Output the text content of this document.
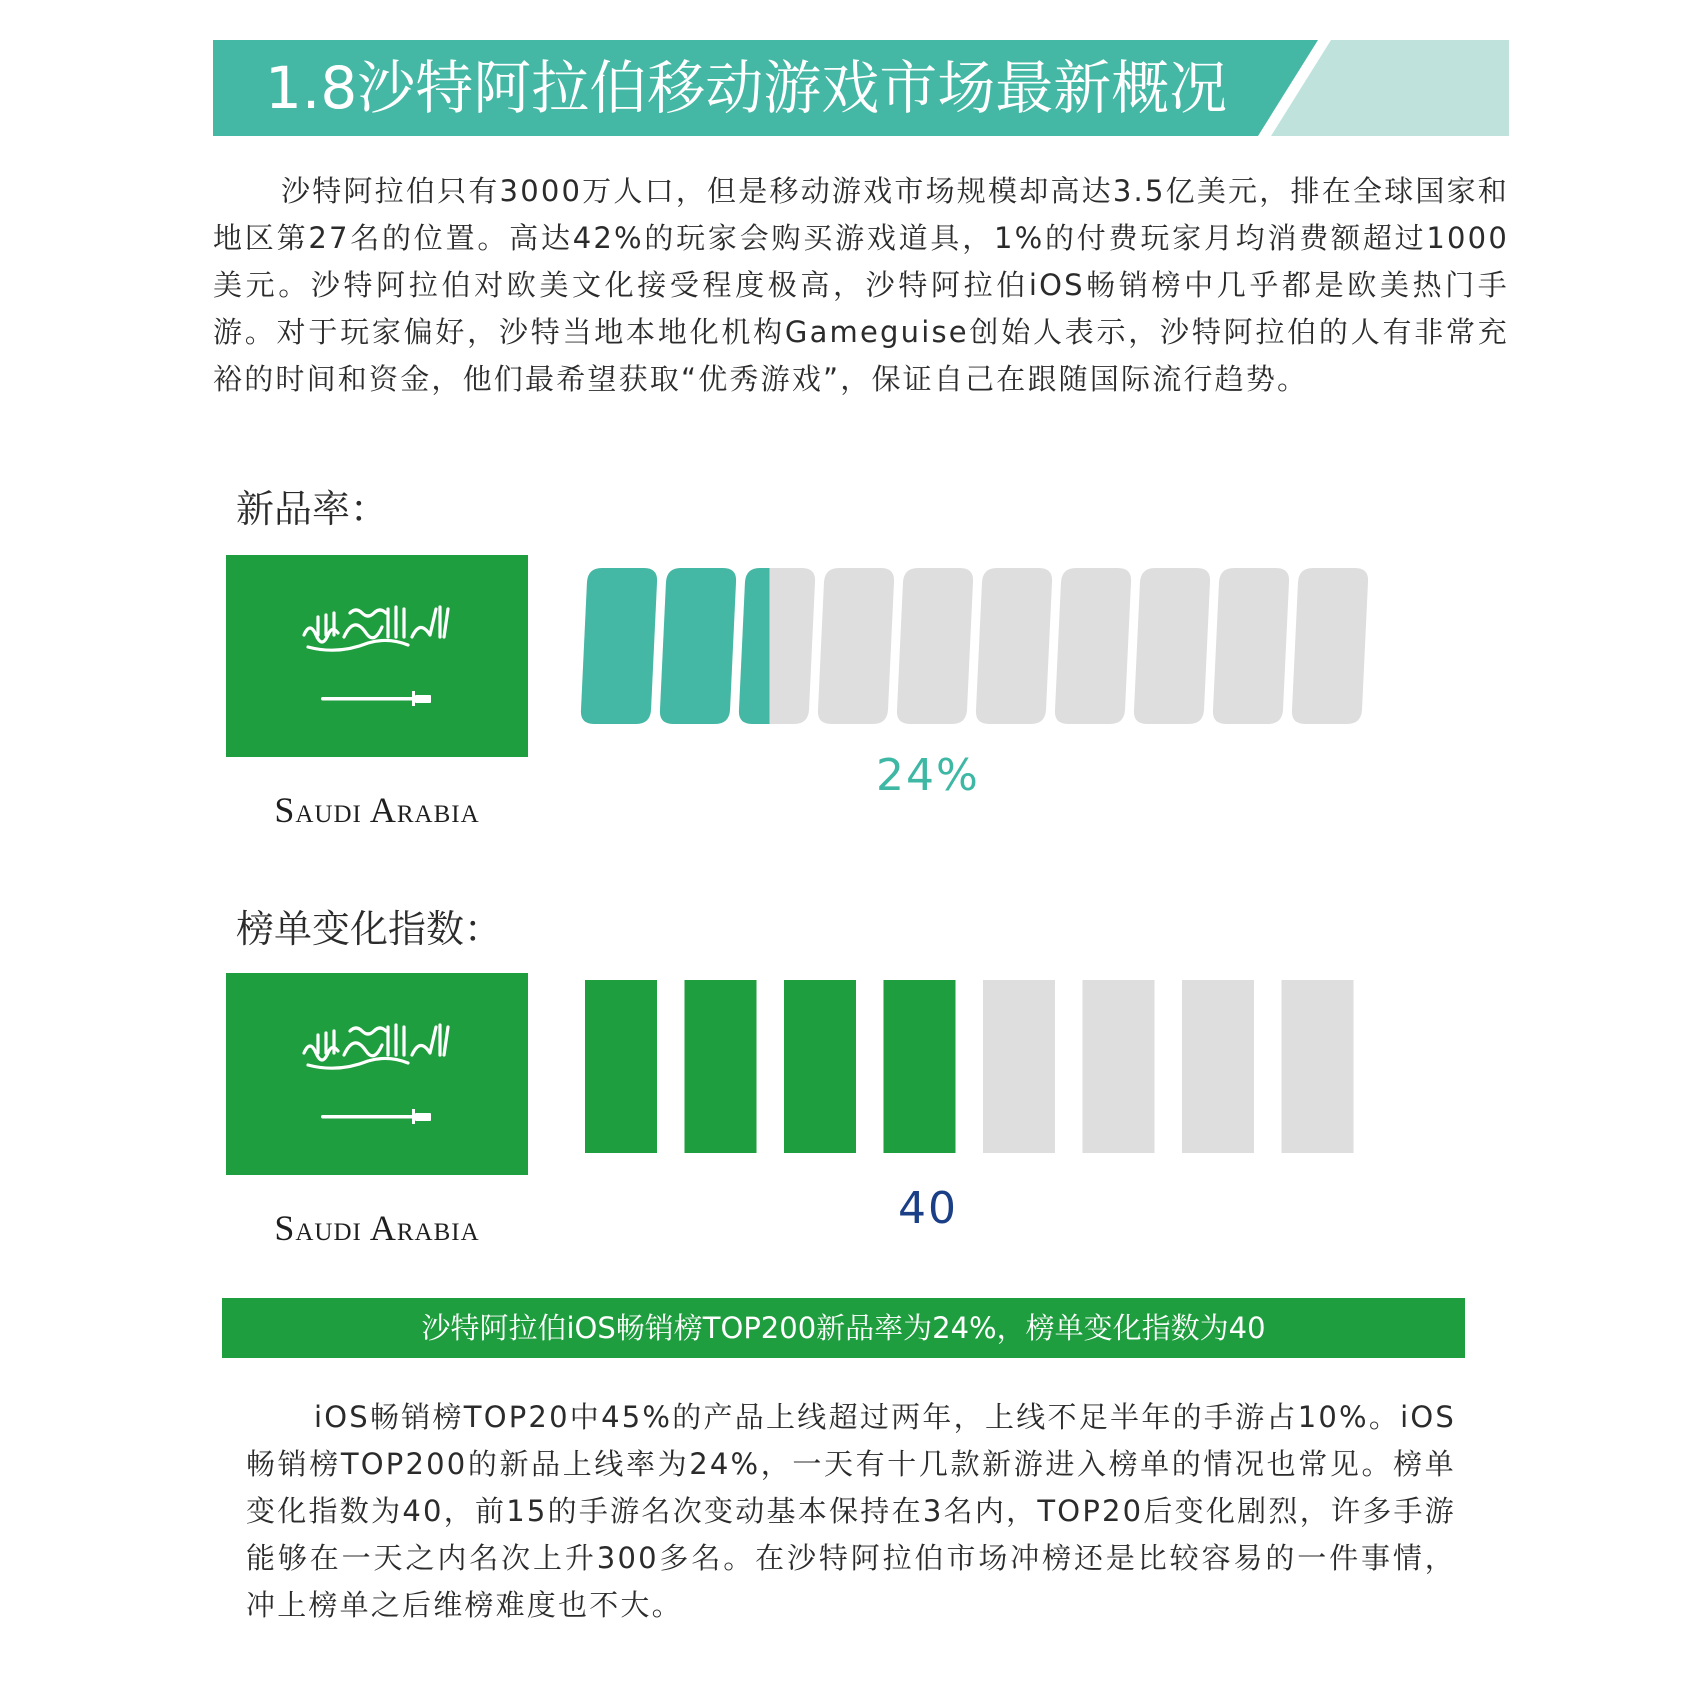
1.8沙特阿拉伯移动游戏市场最新概况
沙特阿拉伯只有3000万人口，但是移动游戏市场规模却高达3.5亿美元，排在全球国家和地区第27名的位置。高达42%的玩家会购买游戏道具，1%的付费玩家月均消费额超过1000美元。沙特阿拉伯对欧美文化接受程度极高，沙特阿拉伯iOS畅销榜中几乎都是欧美热门手游。对于玩家偏好，沙特当地本地化机构Gameguise创始人表示，沙特阿拉伯的人有非常充裕的时间和资金，他们最希望获取“优秀游戏”，保证自己在跟随国际流行趋势。
新品率：
Saudi Arabia
24%
榜单变化指数：
Saudi Arabia	40
沙特阿拉伯iOS畅销榜TOP200新品率为24%，榜单变化指数为40
iOS畅销榜TOP20中45%的产品上线超过两年，上线不足半年的手游占10%。iOS畅销榜TOP200的新品上线率为24%，一天有十几款新游进入榜单的情况也常见。榜单变化指数为40，前15的手游名次变动基本保持在3名内，TOP20后变化剧烈，许多手游能够在一天之内名次上升300多名。在沙特阿拉伯市场冲榜还是比较容易的一件事情，冲上榜单之后维榜难度也不大。
